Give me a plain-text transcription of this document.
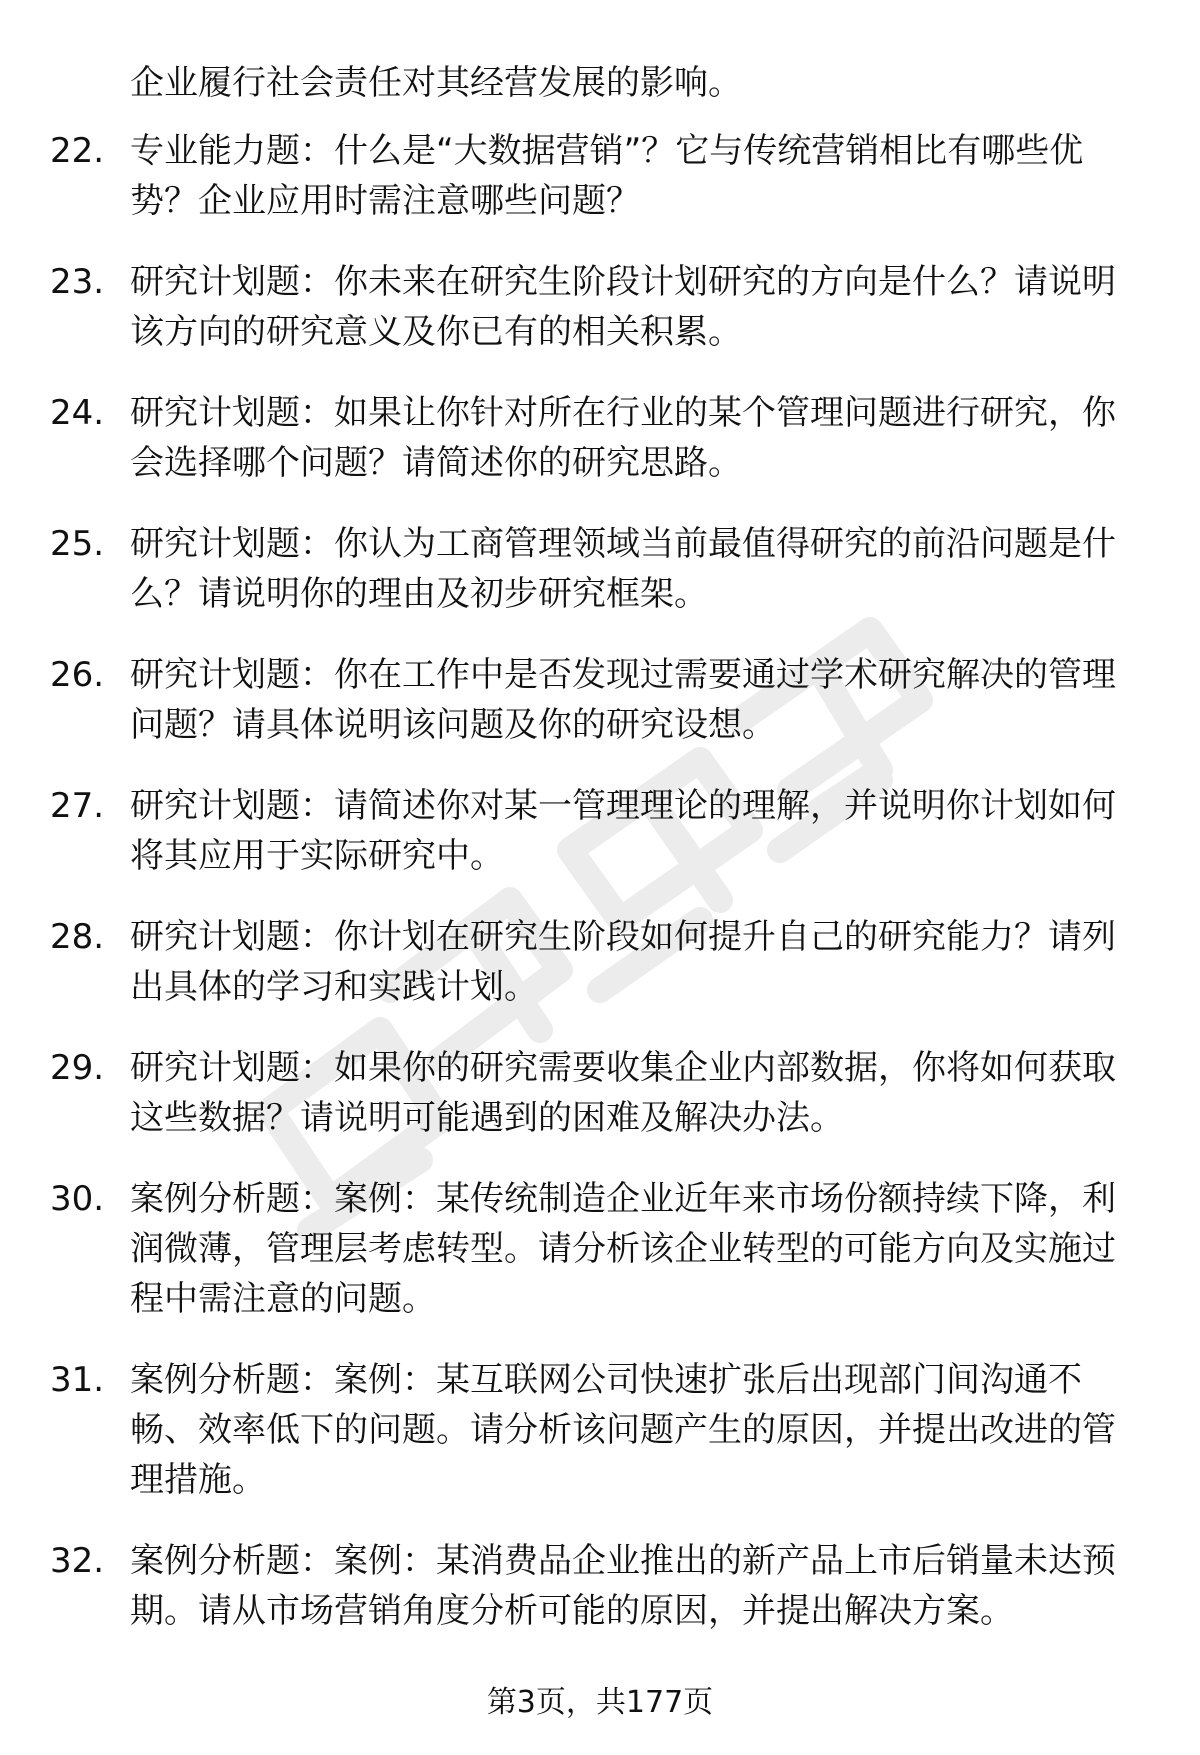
企业履行社会责任对其经营发展的影响。
22. 专业能力题：什么是“大数据营销”？它与传统营销相比有哪些优势？企业应用时需注意哪些问题？
23. 研究计划题：你未来在研究生阶段计划研究的方向是什么？请说明该方向的研究意义及你已有的相关积累。
24. 研究计划题：如果让你针对所在行业的某个管理问题进行研究，你会选择哪个问题？请简述你的研究思路。
25. 研究计划题：你认为工商管理领域当前最值得研究的前沿问题是什么？请说明你的理由及初步研究框架。
26. 研究计划题：你在工作中是否发现过需要通过学术研究解决的管理问题？请具体说明该问题及你的研究设想。
27. 研究计划题：请简述你对某一管理理论的理解，并说明你计划如何将其应用于实际研究中。
28. 研究计划题：你计划在研究生阶段如何提升自己的研究能力？请列出具体的学习和实践计划。
29. 研究计划题：如果你的研究需要收集企业内部数据，你将如何获取这些数据？请说明可能遇到的困难及解决办法。
30. 案例分析题：案例：某传统制造企业近年来市场份额持续下降，利润微薄，管理层考虑转型。请分析该企业转型的可能方向及实施过程中需注意的问题。
31. 案例分析题：案例：某互联网公司快速扩张后出现部门间沟通不畅、效率低下的问题。请分析该问题产生的原因，并提出改进的管理措施。
32. 案例分析题：案例：某消费品企业推出的新产品上市后销量未达预期。请从市场营销角度分析可能的原因，并提出解决方案。
第3页，共177页
